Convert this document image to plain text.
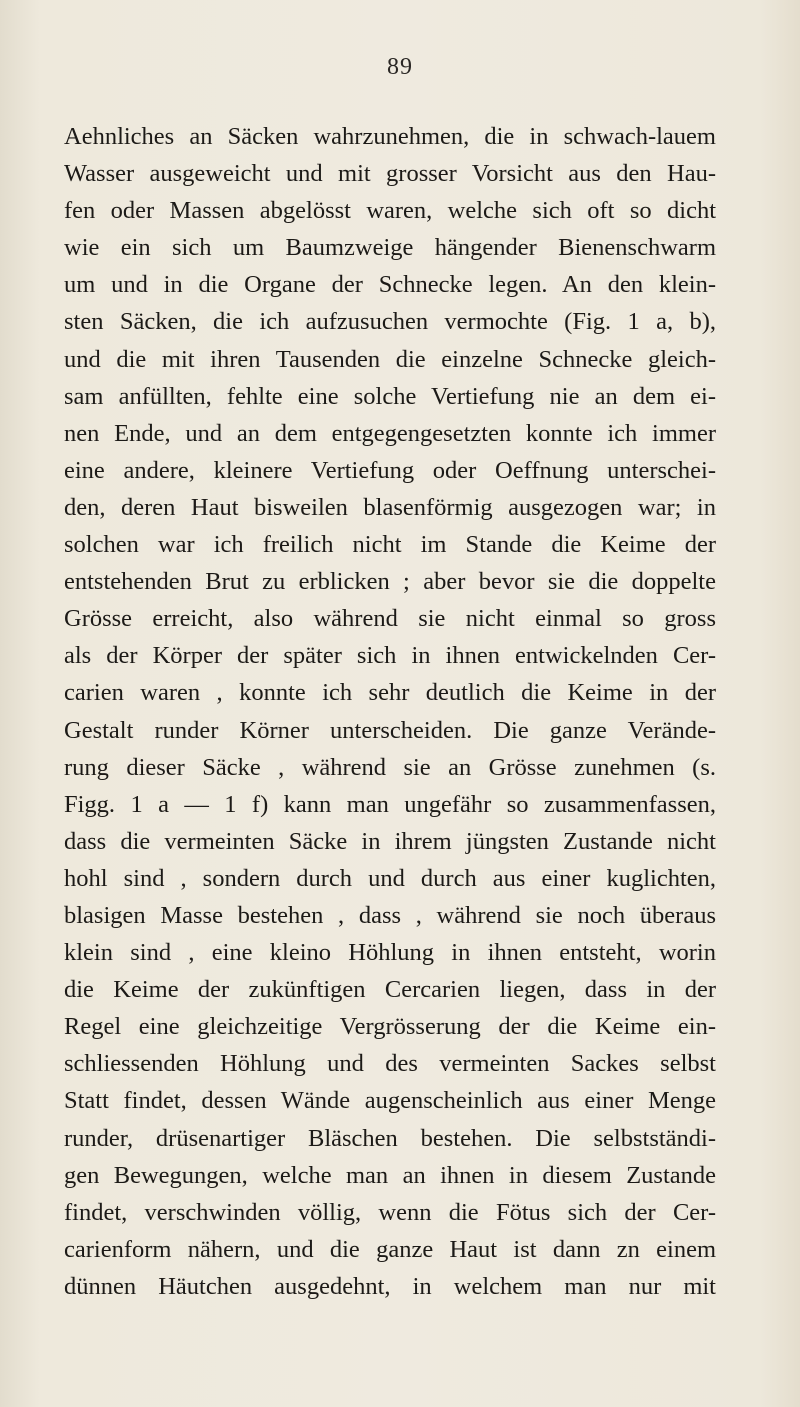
89
Aehnliches an Säcken wahrzunehmen, die in schwach-lauem
Wasser ausgeweicht und mit grosser Vorsicht aus den Hau-
fen oder Massen abgelösst waren, welche sich oft so dicht
wie ein sich um Baumzweige hängender Bienenschwarm
um und in die Organe der Schnecke legen. An den klein-
sten Säcken, die ich aufzusuchen vermochte (Fig. 1 a, b),
und die mit ihren Tausenden die einzelne Schnecke gleich-
sam anfüllten, fehlte eine solche Vertiefung nie an dem ei-
nen Ende, und an dem entgegengesetzten konnte ich immer
eine andere, kleinere Vertiefung oder Oeffnung unterschei-
den, deren Haut bisweilen blasenförmig ausgezogen war; in
solchen war ich freilich nicht im Stande die Keime der
entstehenden Brut zu erblicken ; aber bevor sie die doppelte
Grösse erreicht, also während sie nicht einmal so gross
als der Körper der später sich in ihnen entwickelnden Cer-
carien waren , konnte ich sehr deutlich die Keime in der
Gestalt runder Körner unterscheiden. Die ganze Verände-
rung dieser Säcke , während sie an Grösse zunehmen (s.
Figg. 1 a — 1 f) kann man ungefähr so zusammenfassen,
dass die vermeinten Säcke in ihrem jüngsten Zustande nicht
hohl sind , sondern durch und durch aus einer kuglichten,
blasigen Masse bestehen , dass , während sie noch überaus
klein sind , eine kleino Höhlung in ihnen entsteht, worin
die Keime der zukünftigen Cercarien liegen, dass in der
Regel eine gleichzeitige Vergrösserung der die Keime ein-
schliessenden Höhlung und des vermeinten Sackes selbst
Statt findet, dessen Wände augenscheinlich aus einer Menge
runder, drüsenartiger Bläschen bestehen. Die selbstständi-
gen Bewegungen, welche man an ihnen in diesem Zustande
findet, verschwinden völlig, wenn die Fötus sich der Cer-
carienform nähern, und die ganze Haut ist dann zn einem
dünnen Häutchen ausgedehnt, in welchem man nur mit
